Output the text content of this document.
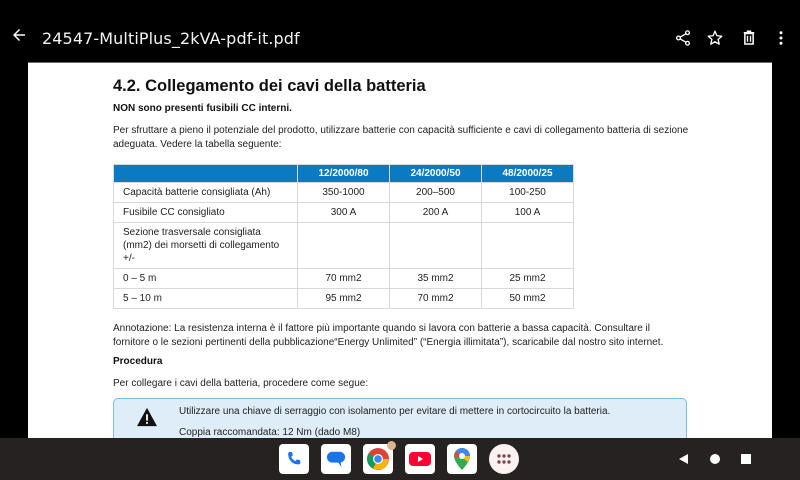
24547-MultiPlus_2kVA-pdf-it.pdf
4.2. Collegamento dei cavi della batteria
NON sono presenti fusibili CC interni.

Per sfruttare a pieno il potenziale del prodotto, utilizzare batterie con capacità sufficiente e cavi di collegamento batteria di sezione adeguata. Vedere la tabella seguente:

	12/2000/80	24/2000/50	48/2000/25
Capacità batterie consigliata (Ah)	350-1000	200–500	100-250
Fusibile CC consigliato	300 A	200 A	100 A
Sezione trasversale consigliata (mm2) dei morsetti di collegamento +/-			
0 – 5 m	70 mm2	35 mm2	25 mm2
5 – 10 m	95 mm2	70 mm2	50 mm2
Annotazione: La resistenza interna è il fattore più importante quando si lavora con batterie a bassa capacità. Consultare il fornitore o le sezioni pertinenti della pubblicazione“Energy Unlimited” (“Energia illimitata”), scaricabile dal nostro sito internet.
Procedura
Per collegare i cavi della batteria, procedere come segue:
Utilizzare una chiave di serraggio con isolamento per evitare di mettere in cortocircuito la batteria.
Coppia raccomandata: 12 Nm (dado M8)
